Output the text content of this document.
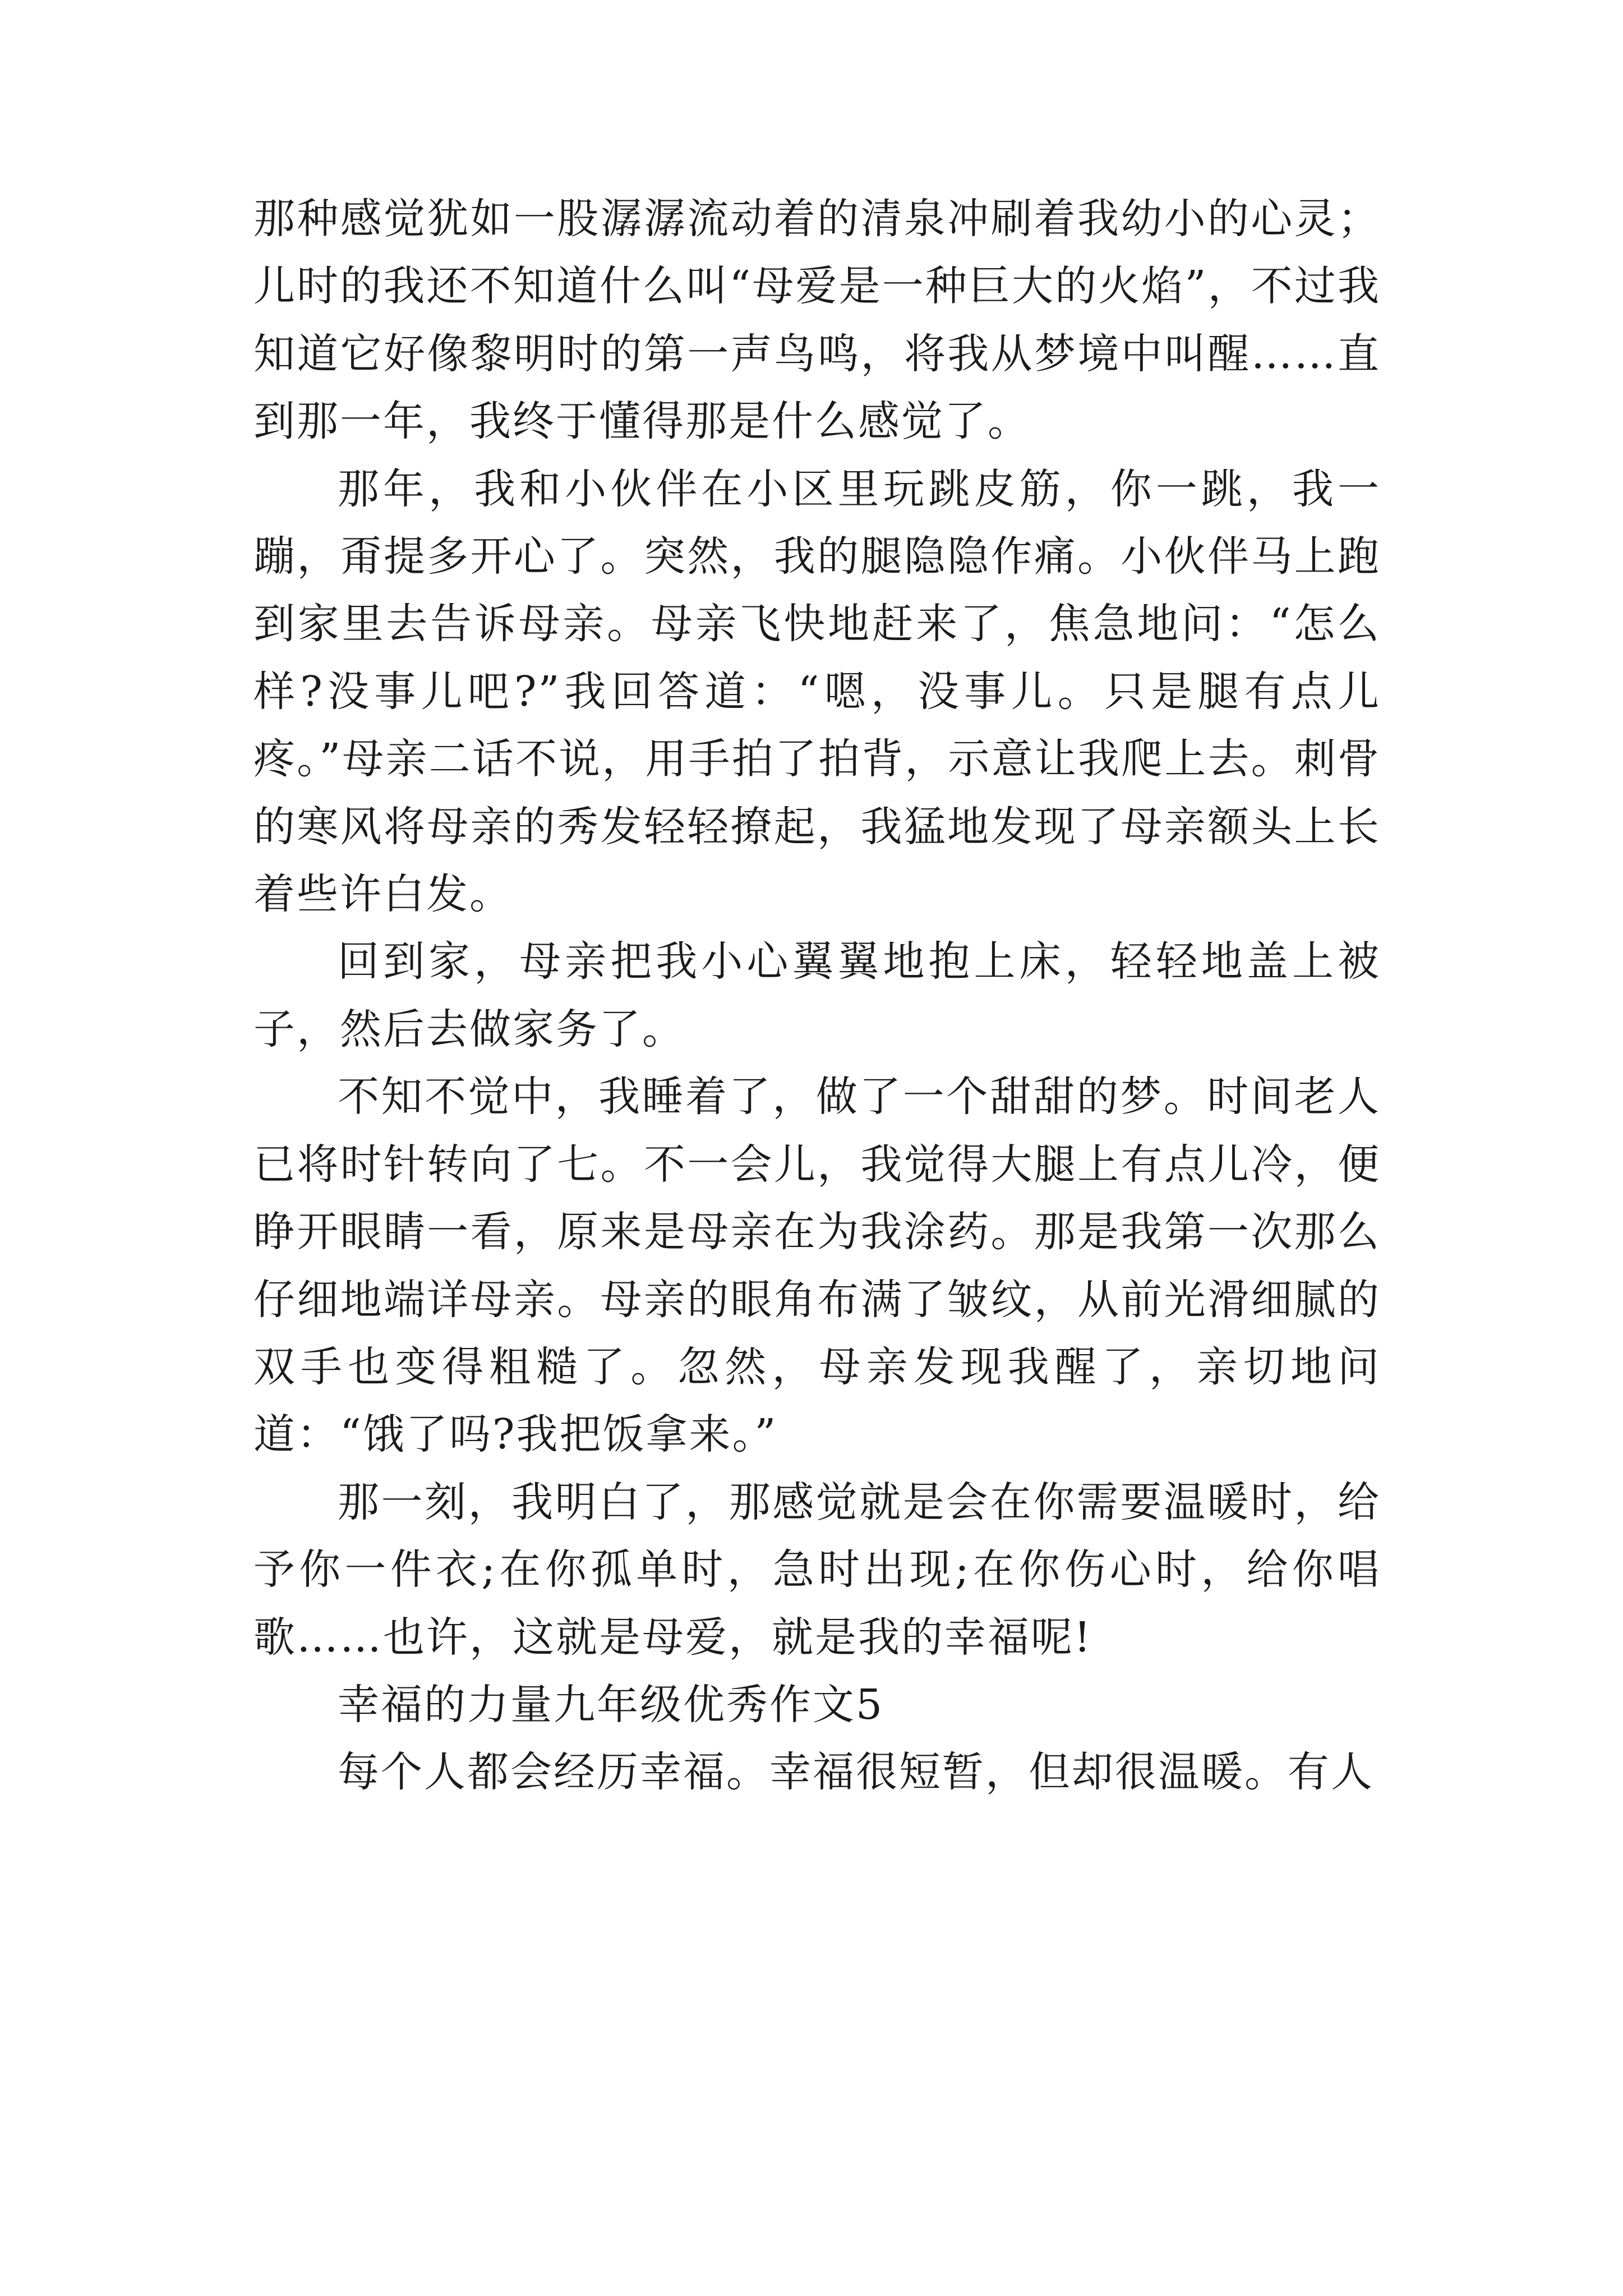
那种感觉犹如一股潺潺流动着的清泉冲刷着我幼小的心灵；儿时的我还不知道什么叫“母爱是一种巨大的火焰”，不过我知道它好像黎明时的第一声鸟鸣，将我从梦境中叫醒……直到那一年，我终于懂得那是什么感觉了。

那年，我和小伙伴在小区里玩跳皮筋，你一跳，我一蹦，甭提多开心了。突然，我的腿隐隐作痛。小伙伴马上跑到家里去告诉母亲。母亲飞快地赶来了，焦急地问：“怎么样?没事儿吧?”我回答道：“嗯，没事儿。只是腿有点儿疼。”母亲二话不说，用手拍了拍背，示意让我爬上去。刺骨的寒风将母亲的秀发轻轻撩起，我猛地发现了母亲额头上长着些许白发。

回到家，母亲把我小心翼翼地抱上床，轻轻地盖上被子，然后去做家务了。

不知不觉中，我睡着了，做了一个甜甜的梦。时间老人已将时针转向了七。不一会儿，我觉得大腿上有点儿冷，便睁开眼睛一看，原来是母亲在为我涂药。那是我第一次那么仔细地端详母亲。母亲的眼角布满了皱纹，从前光滑细腻的双手也变得粗糙了。忽然，母亲发现我醒了，亲切地问道：“饿了吗?我把饭拿来。”

那一刻，我明白了，那感觉就是会在你需要温暖时，给予你一件衣;在你孤单时，急时出现;在你伤心时，给你唱歌……也许，这就是母爱，就是我的幸福呢!

幸福的力量九年级优秀作文5

每个人都会经历幸福。幸福很短暂，但却很温暖。有人
